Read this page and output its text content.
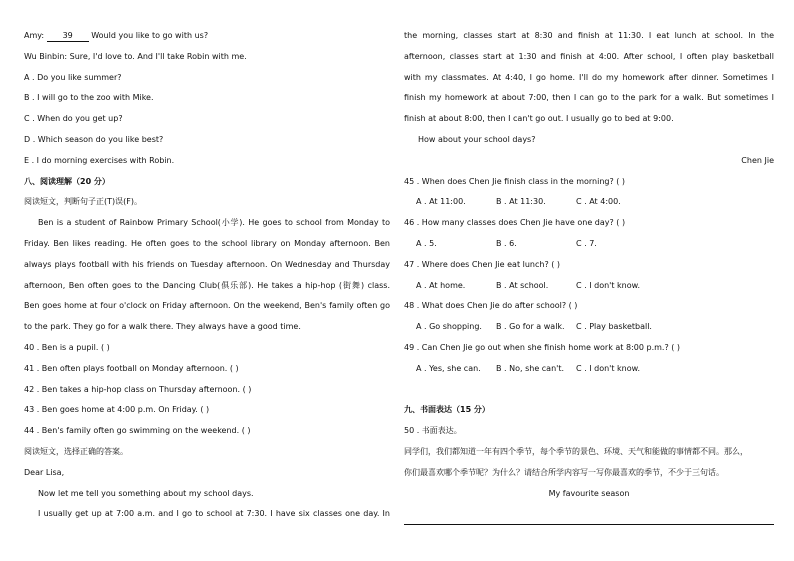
Amy: 39 Would you like to go with us?
Wu Binbin: Sure, I'd love to. And I'll take Robin with me.
A . Do you like summer?
B . I will go to the zoo with Mike.
C . When do you get up?
D . Which season do you like best?
E . I do morning exercises with Robin.
八、阅读理解（20 分）
阅读短文，判断句子正(T)误(F)。
Ben is a student of Rainbow Primary School(小学). He goes to school from Monday to
Friday. Ben likes reading. He often goes to the school library on Monday afternoon. Ben
always plays football with his friends on Tuesday afternoon. On Wednesday and Thursday
afternoon, Ben often goes to the Dancing Club(俱乐部). He takes a hip-hop (街舞) class.
Ben goes home at four o'clock on Friday afternoon. On the weekend, Ben's family often go
to the park. They go for a walk there. They always have a good time.
40 . Ben is a pupil. ( )
41 . Ben often plays football on Monday afternoon. ( )
42 . Ben takes a hip-hop class on Thursday afternoon. ( )
43 . Ben goes home at 4:00 p.m. On Friday. ( )
44 . Ben's family often go swimming on the weekend. ( )
阅读短文，选择正确的答案。
Dear Lisa,
Now let me tell you something about my school days.
I usually get up at 7:00 a.m. and I go to school at 7:30. I have six classes one day. In
the morning, classes start at 8:30 and finish at 11:30. I eat lunch at school. In the
afternoon, classes start at 1:30 and finish at 4:00. After school, I often play basketball
with my classmates. At 4:40, I go home. I'll do my homework after dinner. Sometimes I
finish my homework at about 7:00, then I can go to the park for a walk. But sometimes I
finish at about 8:00, then I can't go out. I usually go to bed at 9:00.
How about your school days?
Chen Jie
45 . When does Chen Jie finish class in the morning? ( )
A . At 11:00.	B . At 11:30.	C . At 4:00.
46 . How many classes does Chen Jie have one day? ( )
A . 5.	B . 6.	C . 7.
47 . Where does Chen Jie eat lunch? ( )
A . At home.	B . At school.	C . I don't know.
48 . What does Chen Jie do after school? ( )
A . Go shopping.	B . Go for a walk.	C . Play basketball.
49 . Can Chen Jie go out when she finish home work at 8:00 p.m.? ( )
A . Yes, she can.	B . No, she can't.	C . I don't know.
九、书面表达（15 分）
50 . 书面表达。
同学们，我们都知道一年有四个季节，每个季节的景色、环境、天气和能做的事情都不同。那么，
你们最喜欢哪个季节呢？为什么？请结合所学内容写一写你最喜欢的季节，不少于三句话。
My favourite season
